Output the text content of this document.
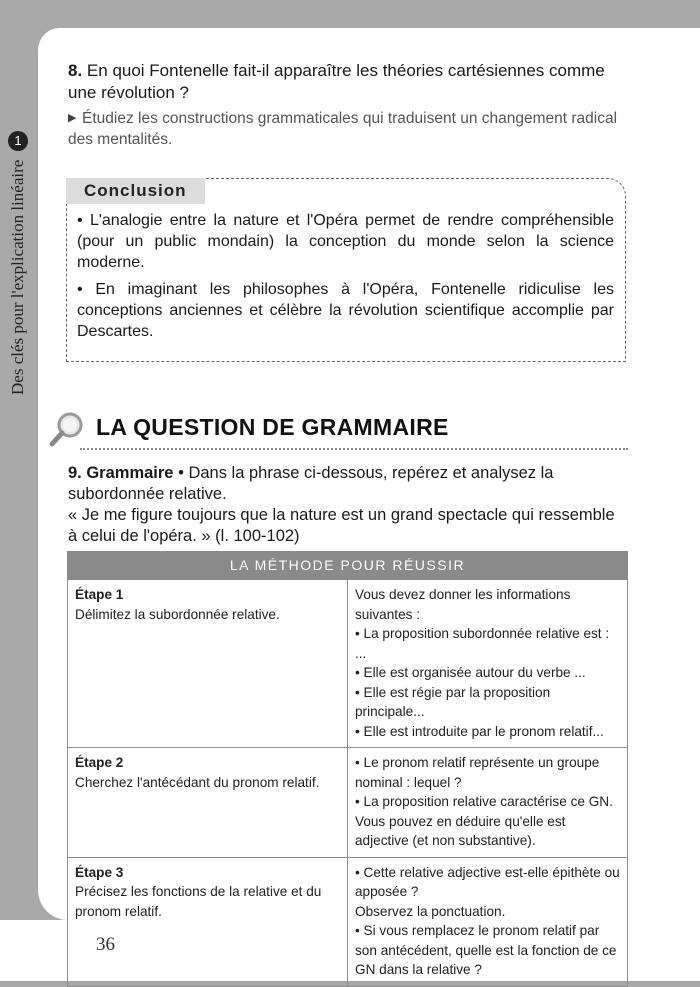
Des clés pour l'explication linéaire
1
8. En quoi Fontenelle fait-il apparaître les théories cartésiennes comme une révolution ?
▶ Étudiez les constructions grammaticales qui traduisent un changement radical des mentalités.
Conclusion

• L'analogie entre la nature et l'Opéra permet de rendre compréhensible (pour un public mondain) la conception du monde selon la science moderne.

• En imaginant les philosophes à l'Opéra, Fontenelle ridiculise les conceptions anciennes et célèbre la révolution scientifique accomplie par Descartes.

LA QUESTION DE GRAMMAIRE
9. Grammaire • Dans la phrase ci-dessous, repérez et analysez la subordonnée relative.
« Je me figure toujours que la nature est un grand spectacle qui ressemble à celui de l'opéra. » (l. 100-102)
LA MÉTHODE POUR RÉUSSIR	

Étape 1
Délimitez la subordonnée relative.	Vous devez donner les informations suivantes :
• La proposition subordonnée relative est : ...
• Elle est organisée autour du verbe ...
• Elle est régie par la proposition principale...
• Elle est introduite par le pronom relatif...

Étape 2
Cherchez l'antécédant du pronom relatif.	• Le pronom relatif représente un groupe nominal : lequel ?
• La proposition relative caractérise ce GN. Vous pouvez en déduire qu'elle est adjective (et non substantive).

Étape 3
Précisez les fonctions de la relative et du pronom relatif.	• Cette relative adjective est-elle épithète ou apposée ?
Observez la ponctuation.
• Si vous remplacez le pronom relatif par son antécédent, quelle est la fonction de ce GN dans la relative ?
36
